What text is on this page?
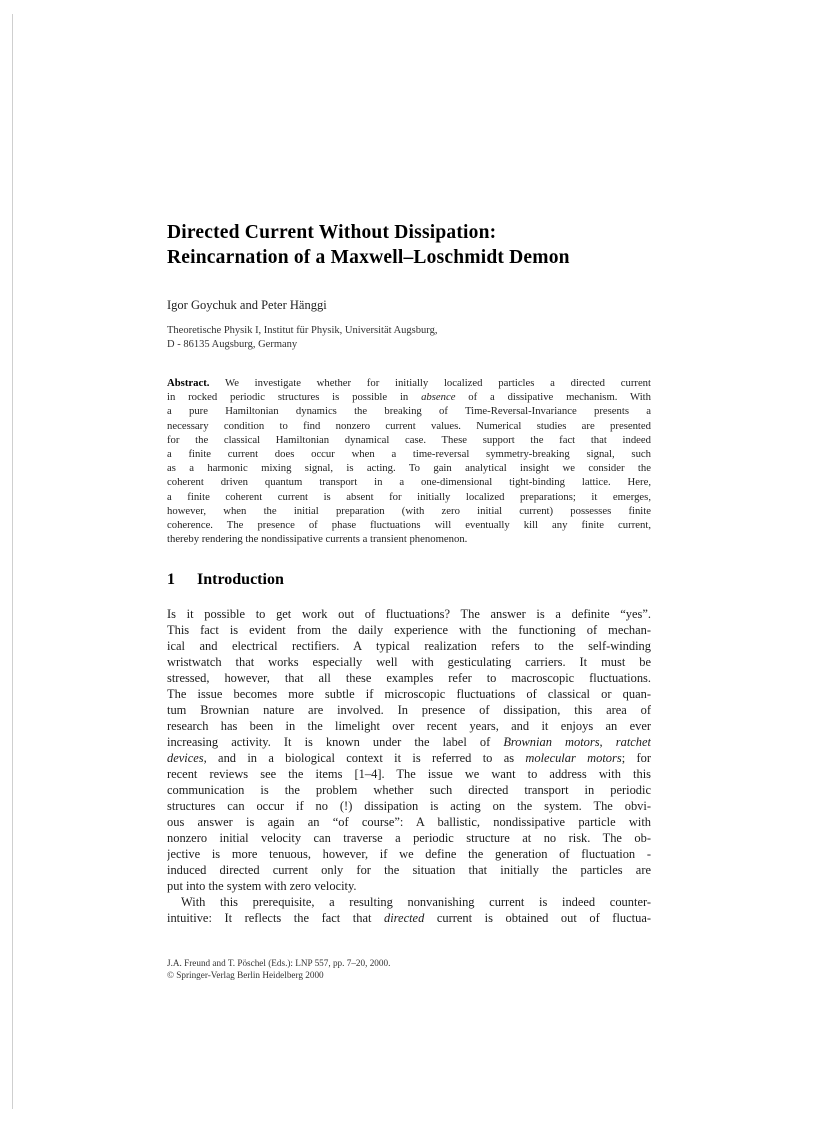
Directed Current Without Dissipation:
Reincarnation of a Maxwell–Loschmidt Demon
Igor Goychuk and Peter Hänggi
Theoretische Physik I, Institut für Physik, Universität Augsburg,
D - 86135 Augsburg, Germany
Abstract. We investigate whether for initially localized particles a directed current
in rocked periodic structures is possible in absence of a dissipative mechanism. With
a pure Hamiltonian dynamics the breaking of Time-Reversal-Invariance presents a
necessary condition to find nonzero current values. Numerical studies are presented
for the classical Hamiltonian dynamical case. These support the fact that indeed
a finite current does occur when a time-reversal symmetry-breaking signal, such
as a harmonic mixing signal, is acting. To gain analytical insight we consider the
coherent driven quantum transport in a one-dimensional tight-binding lattice. Here,
a finite coherent current is absent for initially localized preparations; it emerges,
however, when the initial preparation (with zero initial current) possesses finite
coherence. The presence of phase fluctuations will eventually kill any finite current,
thereby rendering the nondissipative currents a transient phenomenon.
1 Introduction
Is it possible to get work out of fluctuations? The answer is a definite “yes”.
This fact is evident from the daily experience with the functioning of mechan-
ical and electrical rectifiers. A typical realization refers to the self-winding
wristwatch that works especially well with gesticulating carriers. It must be
stressed, however, that all these examples refer to macroscopic fluctuations.
The issue becomes more subtle if microscopic fluctuations of classical or quan-
tum Brownian nature are involved. In presence of dissipation, this area of
research has been in the limelight over recent years, and it enjoys an ever
increasing activity. It is known under the label of Brownian motors, ratchet
devices, and in a biological context it is referred to as molecular motors; for
recent reviews see the items [1–4]. The issue we want to address with this
communication is the problem whether such directed transport in periodic
structures can occur if no (!) dissipation is acting on the system. The obvi-
ous answer is again an “of course”: A ballistic, nondissipative particle with
nonzero initial velocity can traverse a periodic structure at no risk. The ob-
jective is more tenuous, however, if we define the generation of fluctuation -
induced directed current only for the situation that initially the particles are
put into the system with zero velocity.
With this prerequisite, a resulting nonvanishing current is indeed counter-
intuitive: It reflects the fact that directed current is obtained out of fluctua-
J.A. Freund and T. Pöschel (Eds.): LNP 557, pp. 7–20, 2000.
© Springer-Verlag Berlin Heidelberg 2000
